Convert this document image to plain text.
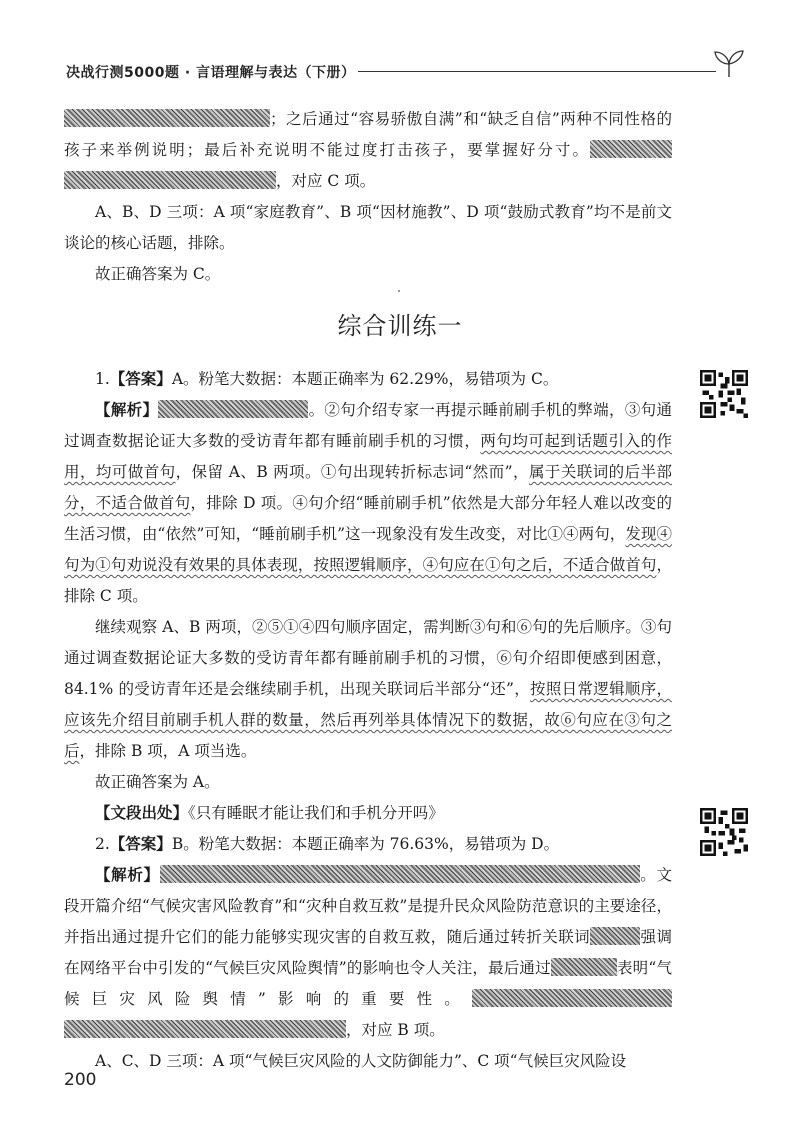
决战行测5000题 · 言语理解与表达（下册）

；之后通过“容易骄傲自满”和“缺乏自信”两种不同性格的孩子来举例说明；最后补充说明不能过度打击孩子，要掌握好分寸。，对应 C 项。

A、B、D 三项：A 项“家庭教育”、B 项“因材施教”、D 项“鼓励式教育”均不是前文谈论的核心话题，排除。

故正确答案为 C。

综合训练一

1.【答案】A。粉笔大数据：本题正确率为 62.29%，易错项为 C。

【解析】	。②句介绍专家一再提示睡前刷手机的弊端，③句通过调查数据论证大多数的受访青年都有睡前刷手机的习惯，两句均可起到话题引入的作用，均可做首句，保留 A、B 两项。①句出现转折标志词“然而”，属于关联词的后半部分，不适合做首句，排除 D 项。④句介绍“睡前刷手机”依然是大部分年轻人难以改变的生活习惯，由“依然”可知，“睡前刷手机”这一现象没有发生改变，对比①④两句，发现④句为①句劝说没有效果的具体表现，按照逻辑顺序，④句应在①句之后，不适合做首句，排除 C 项。

继续观察 A、B 两项，②⑤①④四句顺序固定，需判断③句和⑥句的先后顺序。③句通过调查数据论证大多数的受访青年都有睡前刷手机的习惯，⑥句介绍即便感到困意，84.1% 的受访青年还是会继续刷手机，出现关联词后半部分“还”，按照日常逻辑顺序，应该先介绍目前刷手机人群的数量，然后再列举具体情况下的数据，故⑥句应在③句之后，排除 B 项，A 项当选。

故正确答案为 A。

【文段出处】《只有睡眠才能让我们和手机分开吗》

2.【答案】B。粉笔大数据：本题正确率为 76.63%，易错项为 D。

【解析】	。文段开篇介绍“气候灾害风险教育”和“灾种自救互救”是提升民众风险防范意识的主要途径，并指出通过提升它们的能力能够实现灾害的自救互救，随后通过转折关联词	强调在网络平台中引发的“气候巨灾风险舆情”的影响也令人关注，最后通过	表明“气候巨灾风险舆情”影响的重要性。，对应 B 项。

A、C、D 三项：A 项“气候巨灾风险的人文防御能力”、C 项“气候巨灾风险设

200
